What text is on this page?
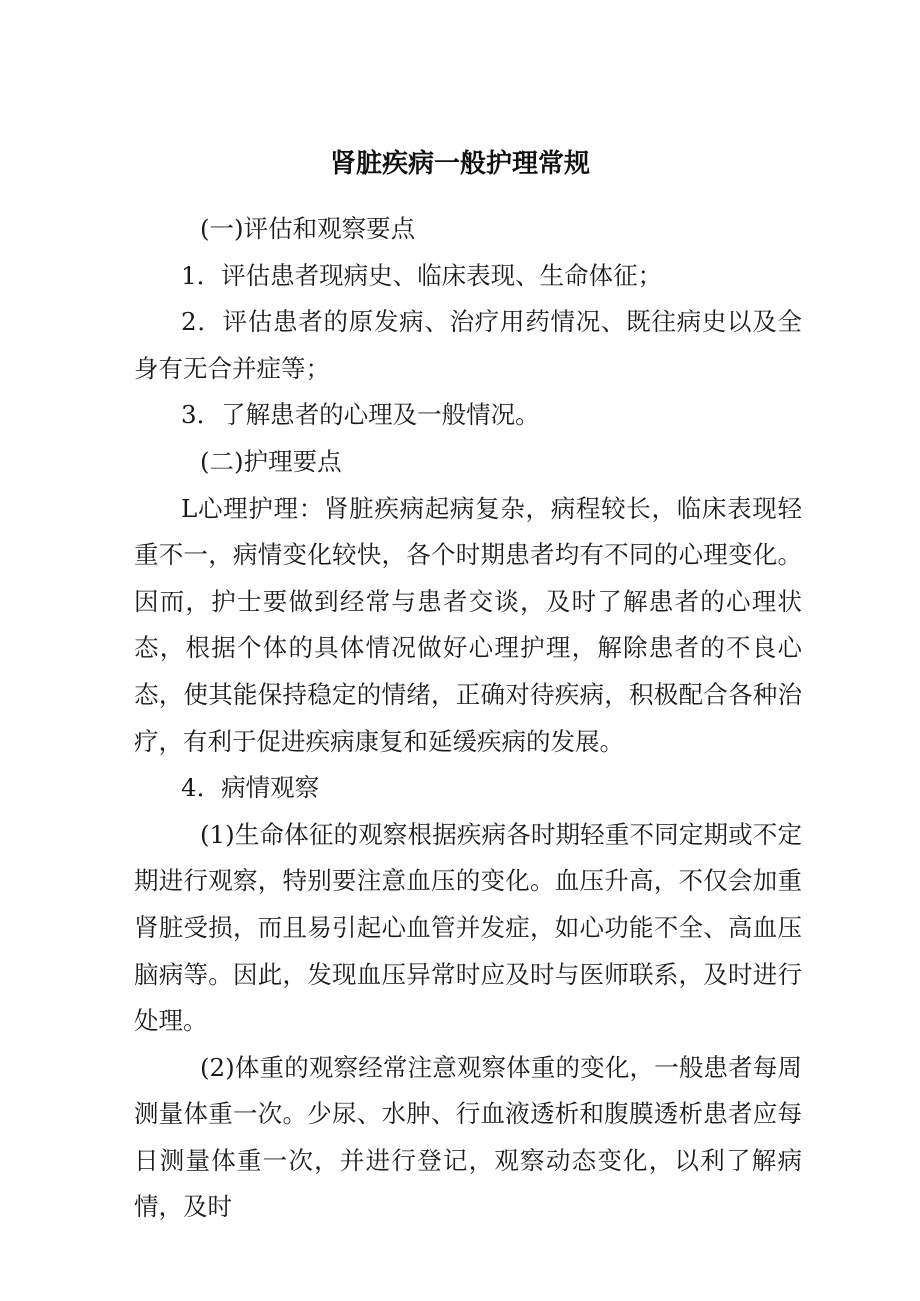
肾脏疾病一般护理常规

(一)评估和观察要点

1．评估患者现病史、临床表现、生命体征；

2．评估患者的原发病、治疗用药情况、既往病史以及全身有无合并症等；

3．了解患者的心理及一般情况。

(二)护理要点

L心理护理：肾脏疾病起病复杂，病程较长，临床表现轻重不一，病情变化较快，各个时期患者均有不同的心理变化。因而，护士要做到经常与患者交谈，及时了解患者的心理状态，根据个体的具体情况做好心理护理，解除患者的不良心态，使其能保持稳定的情绪，正确对待疾病，积极配合各种治疗，有利于促进疾病康复和延缓疾病的发展。

4．病情观察

(1)生命体征的观察根据疾病各时期轻重不同定期或不定期进行观察，特别要注意血压的变化。血压升高，不仅会加重肾脏受损，而且易引起心血管并发症，如心功能不全、高血压脑病等。因此，发现血压异常时应及时与医师联系，及时进行处理。

(2)体重的观察经常注意观察体重的变化，一般患者每周测量体重一次。少尿、水肿、行血液透析和腹膜透析患者应每日测量体重一次，并进行登记，观察动态变化，以利了解病情，及时
